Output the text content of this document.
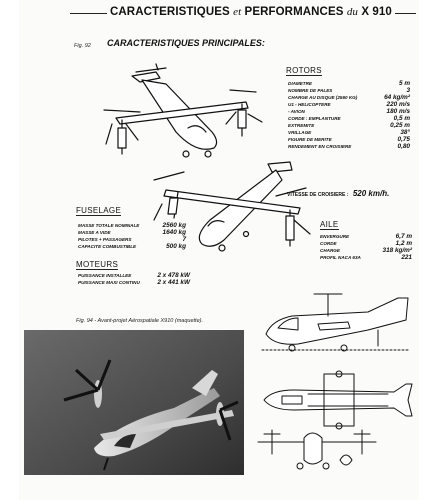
CARACTERISTIQUES et PERFORMANCES du X 910
Fig. 92 CARACTERISTIQUES PRINCIPALES:
ROTORS
DIAMETRE	5 m
NOMBRE DE PALES	3
CHARGE AU DISQUE (2560 KG)	64 kg/m²
U1 - HELICOPTERE	220 m/s
- AVION	180 m/s
CORDE : EMPLANTURE	0,5 m
EXTREMITE	0,25 m
VRILLAGE	38°
FIGURE DE MERITE	0,75
RENDEMENT EN CROISIERE	0,80
VITESSE DE CROISIERE : 520 km/h.
FUSELAGE
MASSE TOTALE NOMINALE	2560 kg
MASSE A VIDE	1640 kg
PILOTES + PASSAGERS	7
CAPACITE COMBUSTIBLE	500 kg
MOTEURS
PUISSANCE INSTALLEE	2 x 478 kW
PUISSANCE MAXI CONTINU	2 x 441 kW
AILE
ENVERGURE	6,7 m
CORDE	1,2 m
CHARGE	318 kg/m²
PROFIL NACA 63A	221
Fig. 94 - Avant-projet Aérospatiale X910 (maquette).
